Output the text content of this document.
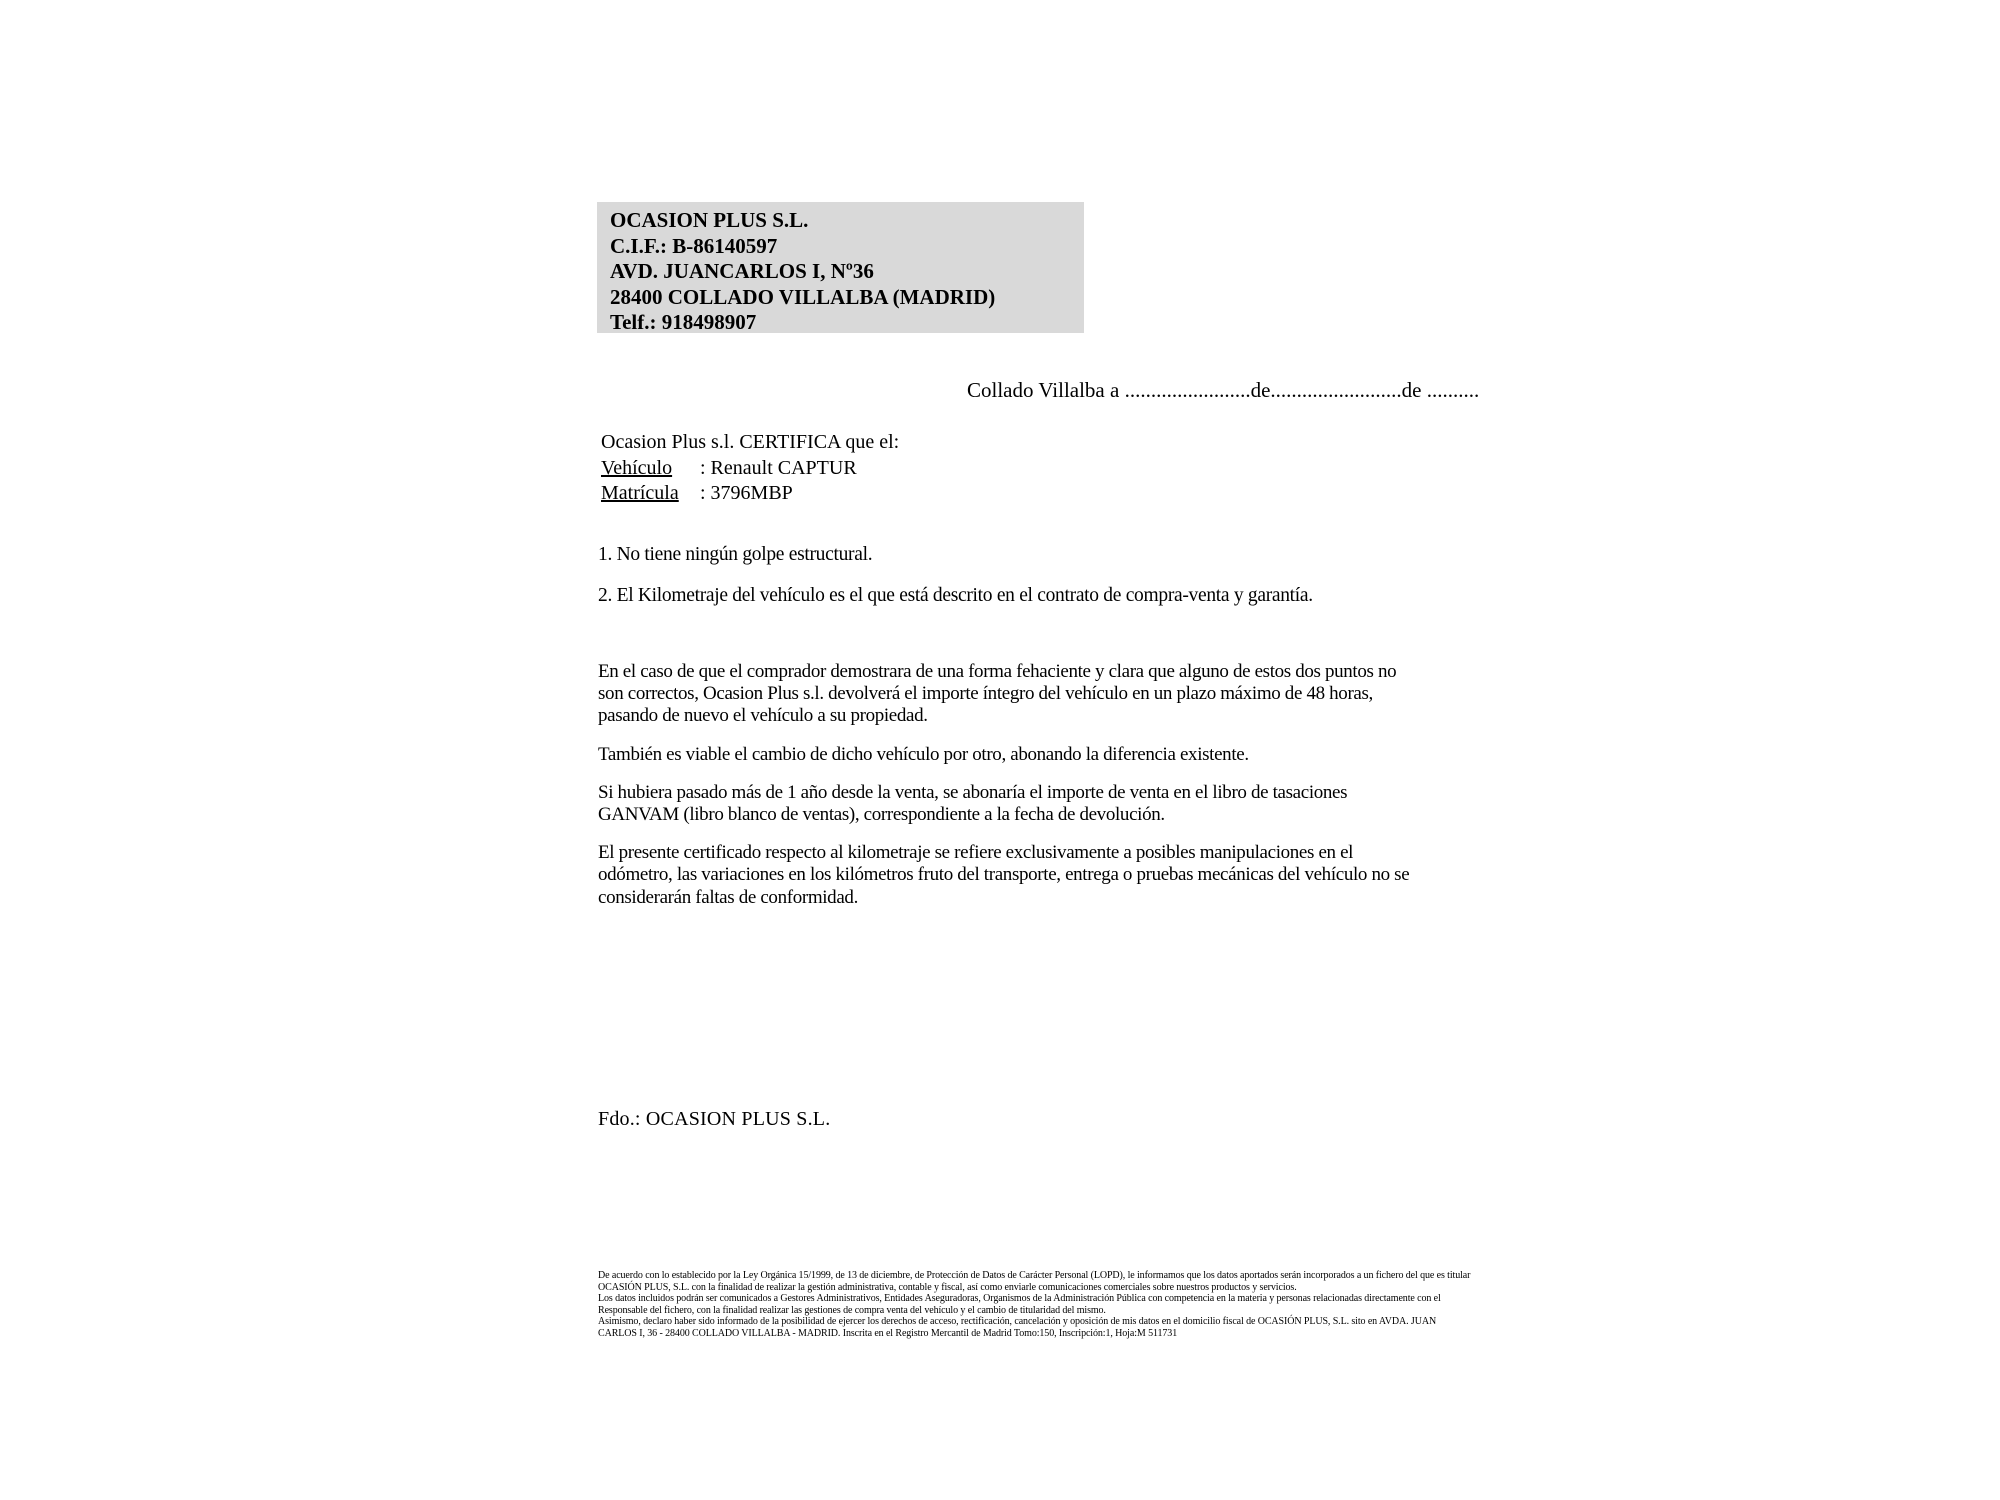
OCASION PLUS S.L.
C.I.F.: B-86140597
AVD. JUANCARLOS I, Nº36
28400 COLLADO VILLALBA (MADRID)
Telf.: 918498907
Collado Villalba a ........................de.........................de ..........
Ocasion Plus s.l. CERTIFICA que el:
Vehículo : Renault CAPTUR
Matrícula : 3796MBP
1. No tiene ningún golpe estructural.
2. El Kilometraje del vehículo es el que está descrito en el contrato de compra-venta y garantía.

En el caso de que el comprador demostrara de una forma fehaciente y clara que alguno de estos dos puntos no son correctos, Ocasion Plus s.l. devolverá el importe íntegro del vehículo en un plazo máximo de 48 horas, pasando de nuevo el vehículo a su propiedad.

También es viable el cambio de dicho vehículo por otro, abonando la diferencia existente.

Si hubiera pasado más de 1 año desde la venta, se abonaría el importe de venta en el libro de tasaciones GANVAM (libro blanco de ventas), correspondiente a la fecha de devolución.

El presente certificado respecto al kilometraje se refiere exclusivamente a posibles manipulaciones en el odómetro, las variaciones en los kilómetros fruto del transporte, entrega o pruebas mecánicas del vehículo no se considerarán faltas de conformidad.

Fdo.: OCASION PLUS S.L.
De acuerdo con lo establecido por la Ley Orgánica 15/1999, de 13 de diciembre, de Protección de Datos de Carácter Personal (LOPD), le informamos que los datos aportados serán incorporados a un fichero del que es titular
OCASIÓN PLUS, S.L. con la finalidad de realizar la gestión administrativa, contable y fiscal, así como enviarle comunicaciones comerciales sobre nuestros productos y servicios.
Los datos incluidos podrán ser comunicados a Gestores Administrativos, Entidades Aseguradoras, Organismos de la Administración Pública con competencia en la materia y personas relacionadas directamente con el
Responsable del fichero, con la finalidad realizar las gestiones de compra venta del vehículo y el cambio de titularidad del mismo.
Asimismo, declaro haber sido informado de la posibilidad de ejercer los derechos de acceso, rectificación, cancelación y oposición de mis datos en el domicilio fiscal de OCASIÓN PLUS, S.L. sito en AVDA. JUAN
CARLOS I, 36 - 28400 COLLADO VILLALBA - MADRID. Inscrita en el Registro Mercantil de Madrid Tomo:150, Inscripción:1, Hoja:M 511731
